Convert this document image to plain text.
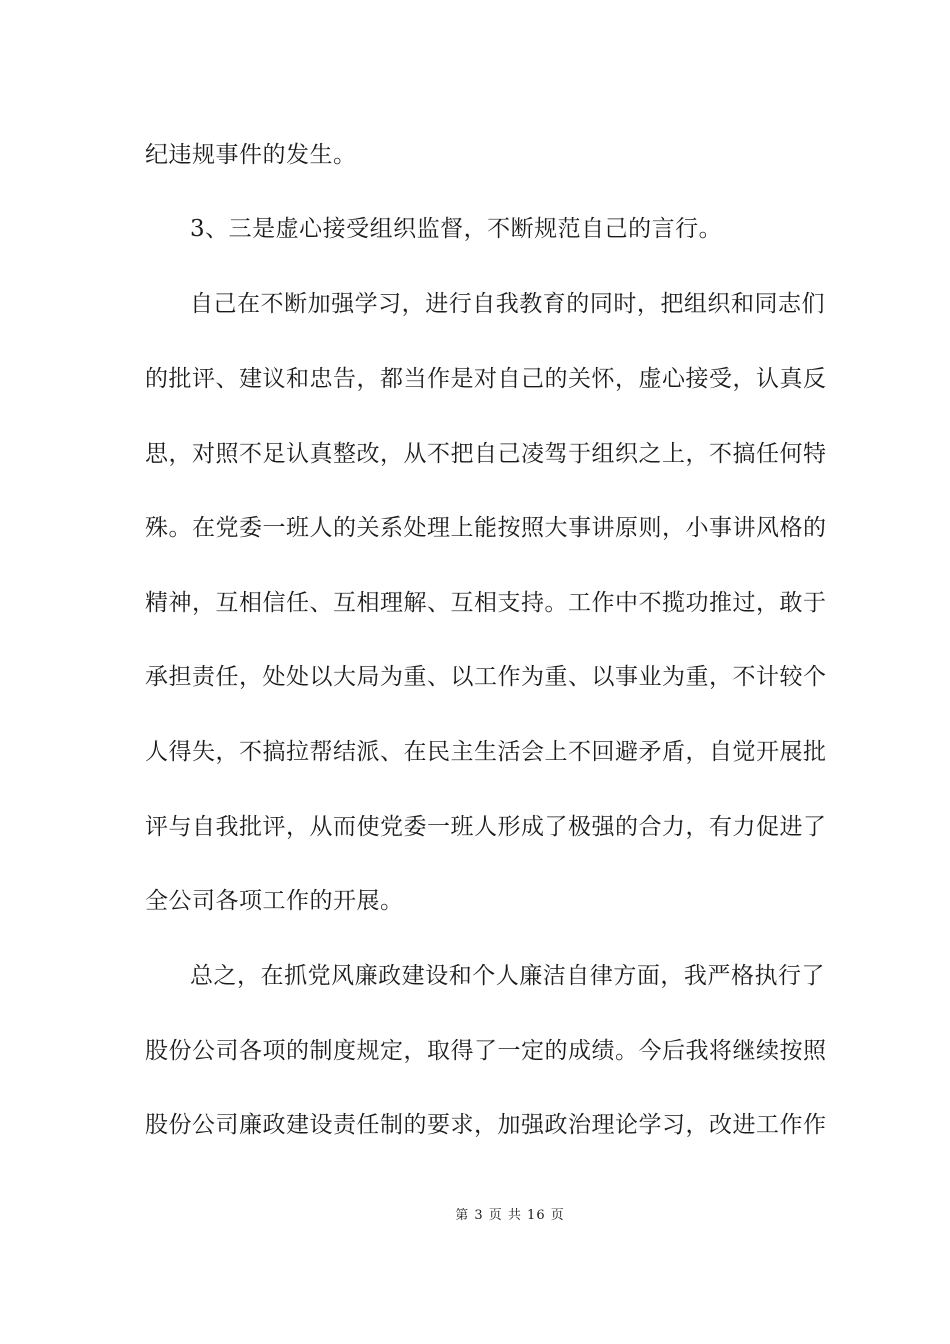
纪违规事件的发生。
3、三是虚心接受组织监督，不断规范自己的言行。
自己在不断加强学习，进行自我教育的同时，把组织和同志们
的批评、建议和忠告，都当作是对自己的关怀，虚心接受，认真反
思，对照不足认真整改，从不把自己凌驾于组织之上，不搞任何特
殊。在党委一班人的关系处理上能按照大事讲原则，小事讲风格的
精神，互相信任、互相理解、互相支持。工作中不揽功推过，敢于
承担责任，处处以大局为重、以工作为重、以事业为重，不计较个
人得失，不搞拉帮结派、在民主生活会上不回避矛盾，自觉开展批
评与自我批评，从而使党委一班人形成了极强的合力，有力促进了
全公司各项工作的开展。
总之，在抓党风廉政建设和个人廉洁自律方面，我严格执行了
股份公司各项的制度规定，取得了一定的成绩。今后我将继续按照
股份公司廉政建设责任制的要求，加强政治理论学习，改进工作作
第 3 页 共 16 页
